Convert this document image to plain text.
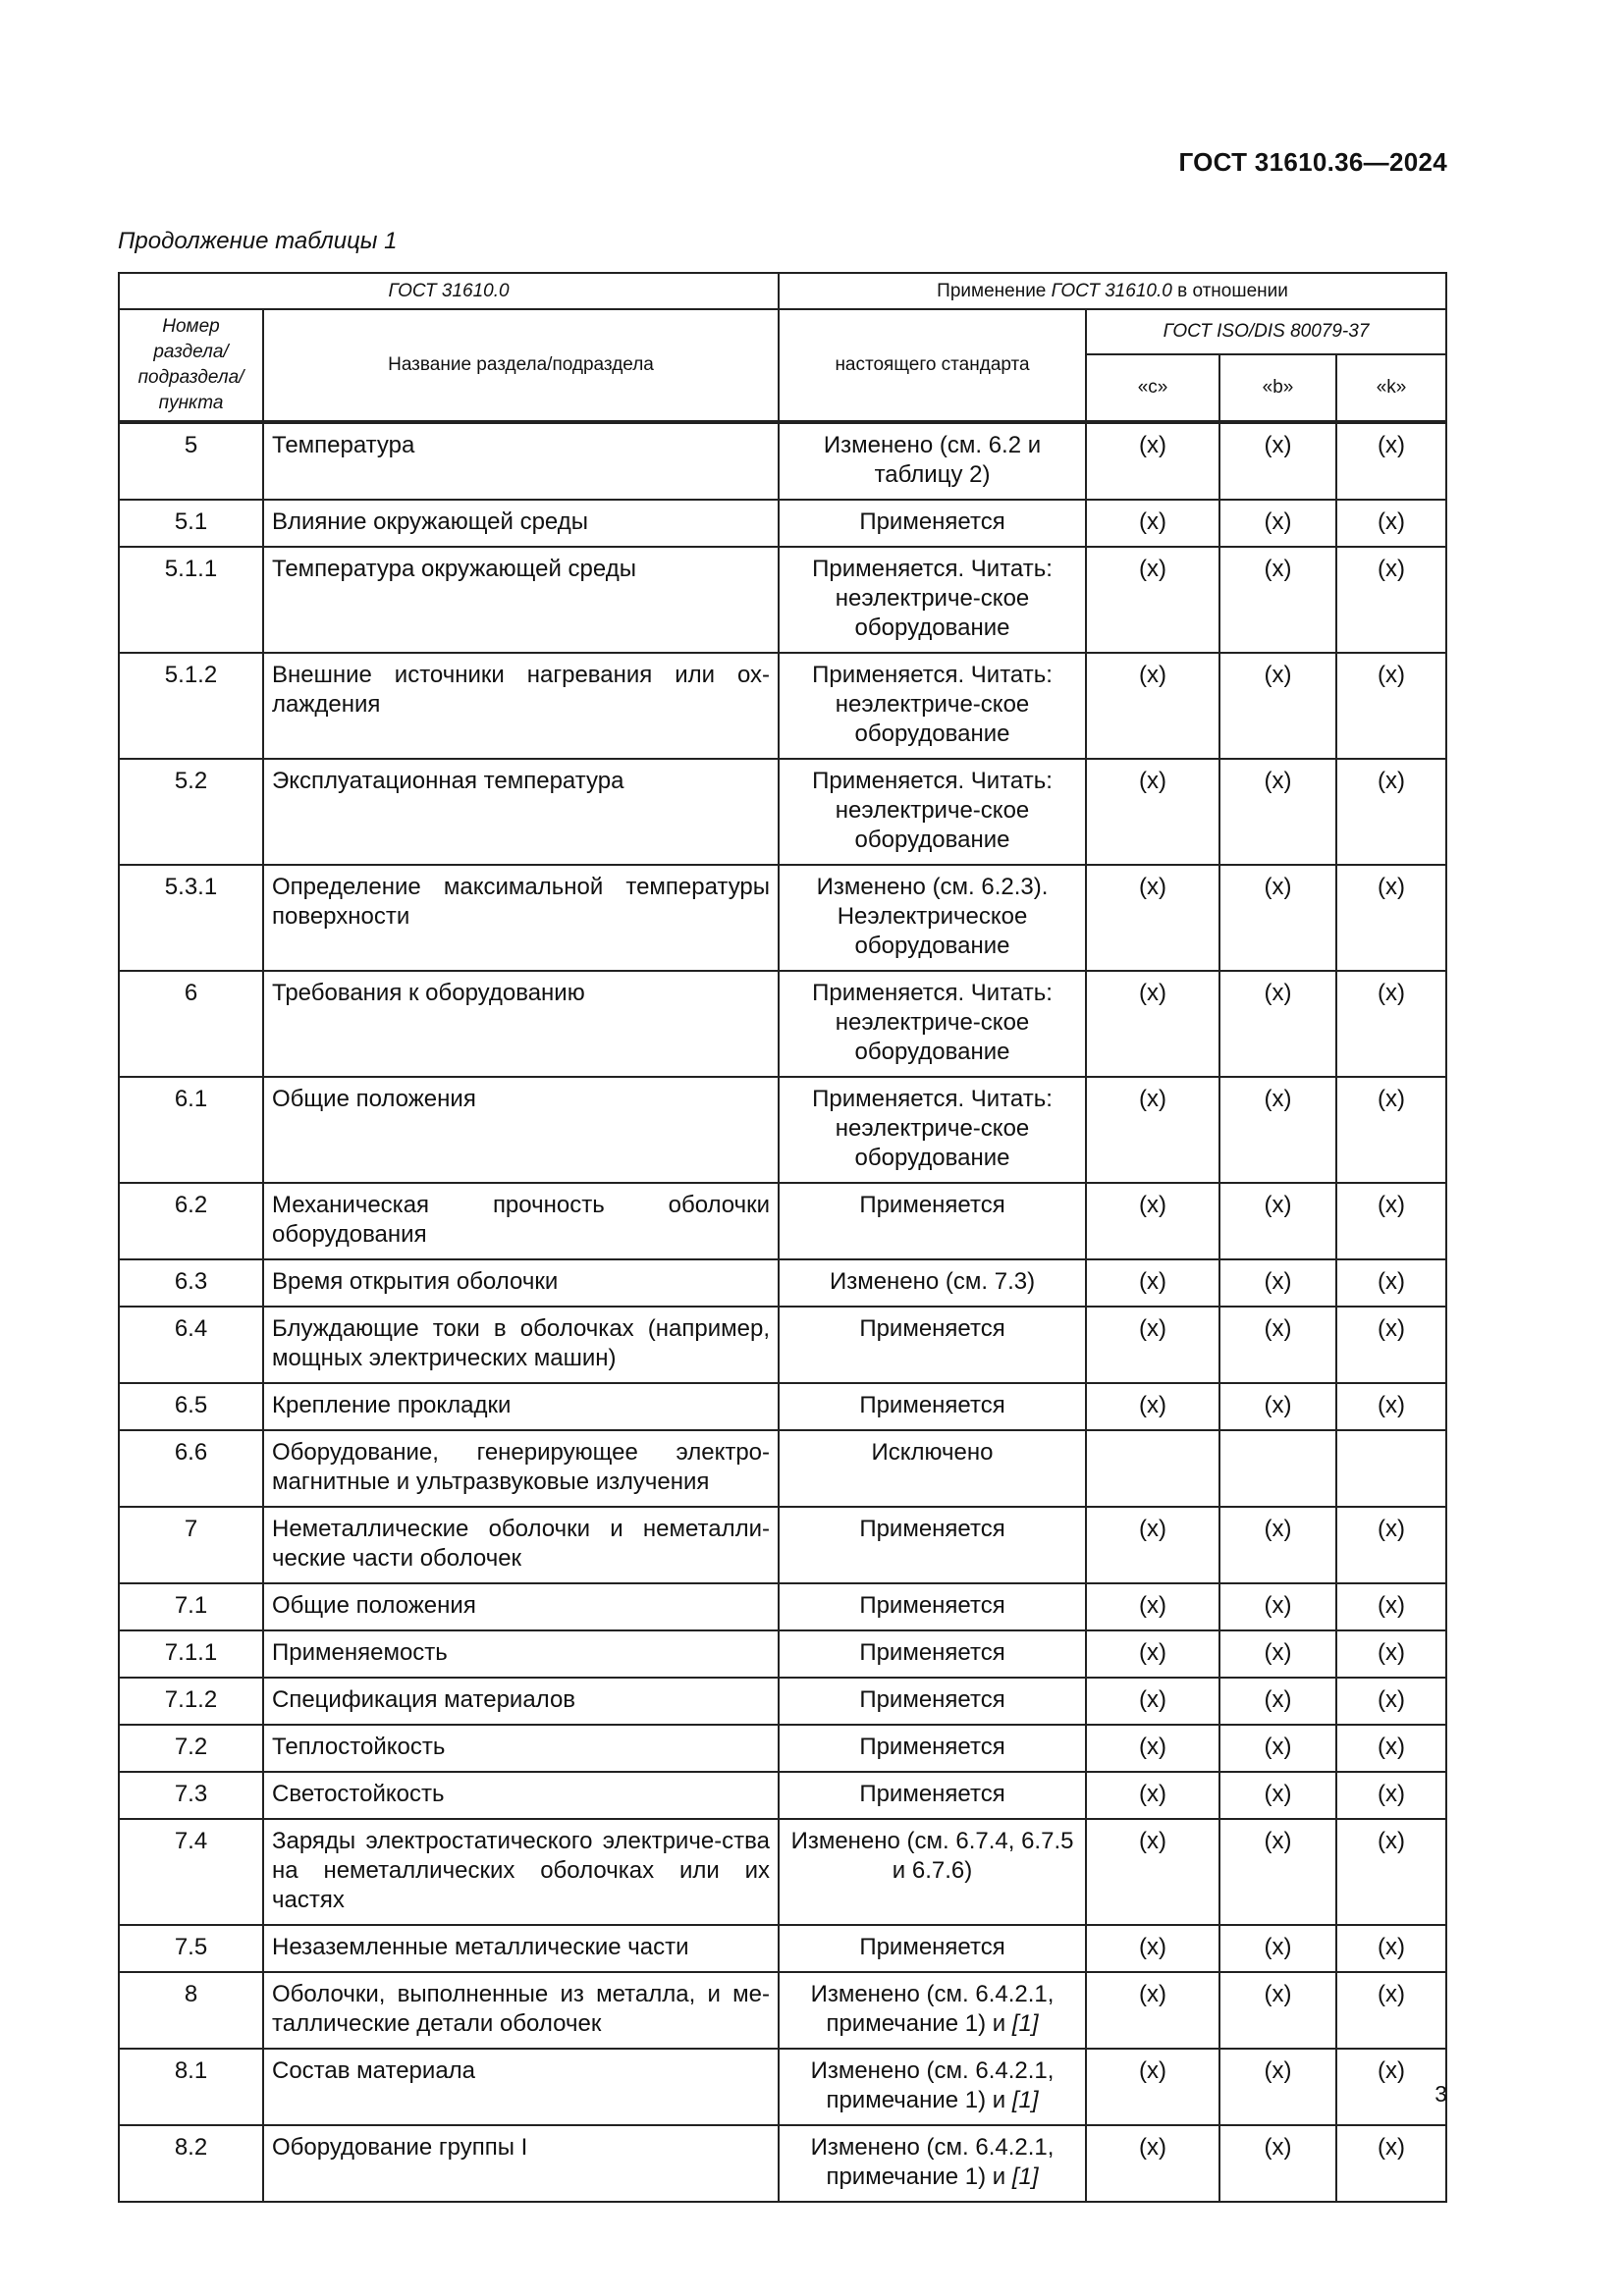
ГОСТ 31610.36—2024
Продолжение таблицы 1
ГОСТ 31610.0		Применение ГОСТ 31610.0 в отношении			
Номер раздела/ подраздела/ пункта	Название раздела/подраздела	настоящего стандарта	ГОСТ ISO/DIS 80079-37		
			«c»	«b»	«k»
5	Температура	Изменено (см. 6.2 и таблицу 2)	(x)	(x)	(x)
5.1	Влияние окружающей среды	Применяется	(x)	(x)	(x)
5.1.1	Температура окружающей среды	Применяется. Читать: неэлектриче-ское оборудование	(x)	(x)	(x)
5.1.2	Внешние источники нагревания или ох-лаждения	Применяется. Читать: неэлектриче-ское оборудование	(x)	(x)	(x)
5.2	Эксплуатационная температура	Применяется. Читать: неэлектриче-ское оборудование	(x)	(x)	(x)
5.3.1	Определение максимальной температуры поверхности	Изменено (см. 6.2.3). Неэлектрическое оборудование	(x)	(x)	(x)
6	Требования к оборудованию	Применяется. Читать: неэлектриче-ское оборудование	(x)	(x)	(x)
6.1	Общие положения	Применяется. Читать: неэлектриче-ское оборудование	(x)	(x)	(x)
6.2	Механическая прочность оболочки оборудования	Применяется	(x)	(x)	(x)
6.3	Время открытия оболочки	Изменено (см. 7.3)	(x)	(x)	(x)
6.4	Блуждающие токи в оболочках (например, мощных электрических машин)	Применяется	(x)	(x)	(x)
6.5	Крепление прокладки	Применяется	(x)	(x)	(x)
6.6	Оборудование, генерирующее электро-магнитные и ультразвуковые излучения	Исключено			
7	Неметаллические оболочки и неметалли-ческие части оболочек	Применяется	(x)	(x)	(x)
7.1	Общие положения	Применяется	(x)	(x)	(x)
7.1.1	Применяемость	Применяется	(x)	(x)	(x)
7.1.2	Спецификация материалов	Применяется	(x)	(x)	(x)
7.2	Теплостойкость	Применяется	(x)	(x)	(x)
7.3	Светостойкость	Применяется	(x)	(x)	(x)
7.4	Заряды электростатического электриче-ства на неметаллических оболочках или их частях	Изменено (см. 6.7.4, 6.7.5 и 6.7.6)	(x)	(x)	(x)
7.5	Незаземленные металлические части	Применяется	(x)	(x)	(x)
8	Оболочки, выполненные из металла, и ме-таллические детали оболочек	Изменено (см. 6.4.2.1, примечание 1) и [1]	(x)	(x)	(x)
8.1	Состав материала	Изменено (см. 6.4.2.1, примечание 1) и [1]	(x)	(x)	(x)
8.2	Оборудование группы I	Изменено (см. 6.4.2.1, примечание 1) и [1]	(x)	(x)	(x)
3
